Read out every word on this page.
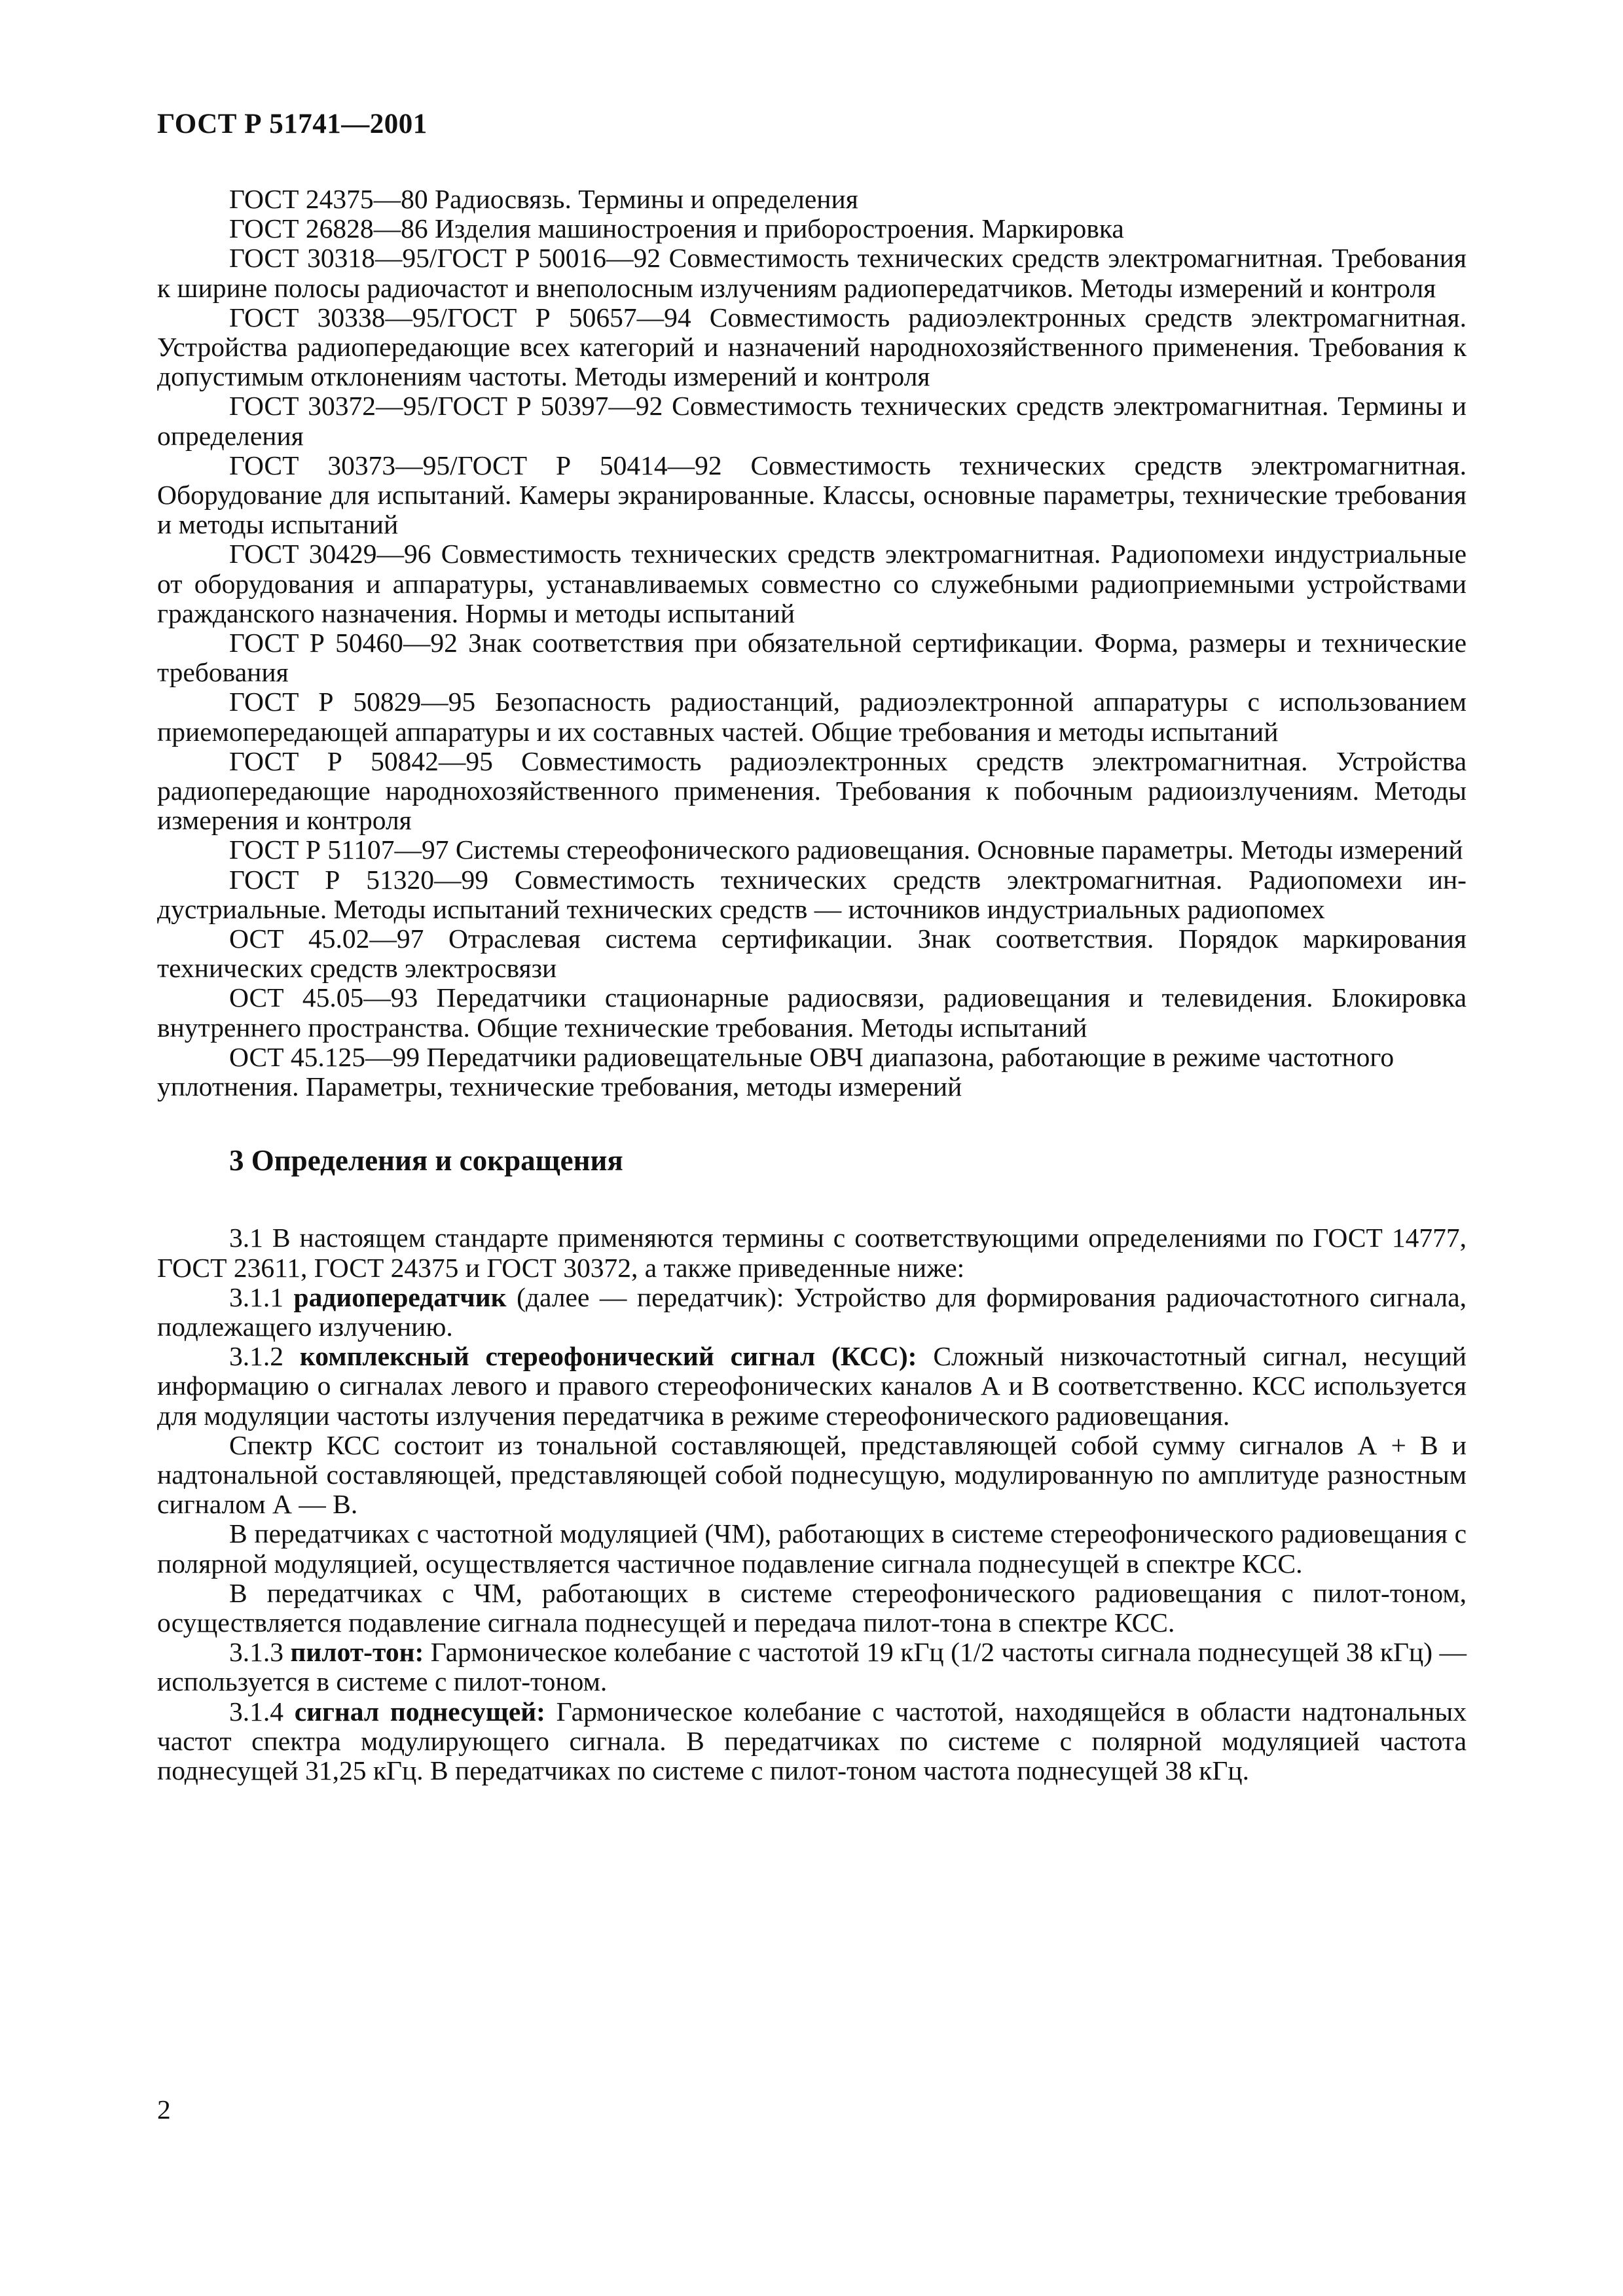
ГОСТ Р 51741—2001

ГОСТ 24375—80 Радиосвязь. Термины и определения

ГОСТ 26828—86 Изделия машиностроения и приборостроения. Маркировка

ГОСТ 30318—95/ГОСТ Р 50016—92 Совместимость технических средств электромагнитная. Требования к ширине полосы радиочастот и внеполосным излучениям радиопередатчиков. Методы измерений и контроля

ГОСТ 30338—95/ГОСТ Р 50657—94 Совместимость радиоэлектронных средств электромагнитная. Устройства радиопередающие всех категорий и назначений народнохозяйственного применения. Требования к допустимым отклонениям частоты. Методы измерений и контроля

ГОСТ 30372—95/ГОСТ Р 50397—92 Совместимость технических средств электромагнитная. Термины и определения

ГОСТ 30373—95/ГОСТ Р 50414—92 Совместимость технических средств электромагнитная. Оборудование для испытаний. Камеры экранированные. Классы, основные параметры, технические требования и методы испытаний

ГОСТ 30429—96 Совместимость технических средств электромагнитная. Радиопомехи индустриальные от оборудования и аппаратуры, устанавливаемых совместно со служебными радиоприемными устройствами гражданского назначения. Нормы и методы испытаний

ГОСТ Р 50460—92 Знак соответствия при обязательной сертификации. Форма, размеры и технические требования

ГОСТ Р 50829—95 Безопасность радиостанций, радиоэлектронной аппаратуры с использованием приемопередающей аппаратуры и их составных частей. Общие требования и методы испытаний

ГОСТ Р 50842—95 Совместимость радиоэлектронных средств электромагнитная. Устройства радиопередающие народнохозяйственного применения. Требования к побочным радиоизлучениям. Методы измерения и контроля

ГОСТ Р 51107—97 Системы стереофонического радиовещания. Основные параметры. Методы измерений

ГОСТ Р 51320—99 Совместимость технических средств электромагнитная. Радиопомехи индустриальные. Методы испытаний технических средств — источников индустриальных радиопомех

ОСТ 45.02—97 Отраслевая система сертификации. Знак соответствия. Порядок маркирования технических средств электросвязи

ОСТ 45.05—93 Передатчики стационарные радиосвязи, радиовещания и телевидения. Блокировка внутреннего пространства. Общие технические требования. Методы испытаний

ОСТ 45.125—99 Передатчики радиовещательные ОВЧ диапазона, работающие в режиме частотного уплотнения. Параметры, технические требования, методы измерений

3 Определения и сокращения

3.1 В настоящем стандарте применяются термины с соответствующими определениями по ГОСТ 14777, ГОСТ 23611, ГОСТ 24375 и ГОСТ 30372, а также приведенные ниже:

3.1.1 радиопередатчик (далее — передатчик): Устройство для формирования радиочастотного сигнала, подлежащего излучению.

3.1.2 комплексный стереофонический сигнал (КСС): Сложный низкочастотный сигнал, несущий информацию о сигналах левого и правого стереофонических каналов А и В соответственно. КСС используется для модуляции частоты излучения передатчика в режиме стереофонического радиовещания.

Спектр КСС состоит из тональной составляющей, представляющей собой сумму сигналов А + В и надтональной составляющей, представляющей собой поднесущую, модулированную по амплитуде разностным сигналом А — В.

В передатчиках с частотной модуляцией (ЧМ), работающих в системе стереофонического радиовещания с полярной модуляцией, осуществляется частичное подавление сигнала поднесущей в спектре КСС.

В передатчиках с ЧМ, работающих в системе стереофонического радиовещания с пилот-тоном, осуществляется подавление сигнала поднесущей и передача пилот-тона в спектре КСС.

3.1.3 пилот-тон: Гармоническое колебание с частотой 19 кГц (1/2 частоты сигнала поднесущей 38 кГц) — используется в системе с пилот-тоном.

3.1.4 сигнал поднесущей: Гармоническое колебание с частотой, находящейся в области надтональных частот спектра модулирующего сигнала. В передатчиках по системе с полярной модуляцией частота поднесущей 31,25 кГц. В передатчиках по системе с пилот-тоном частота поднесущей 38 кГц.

2
